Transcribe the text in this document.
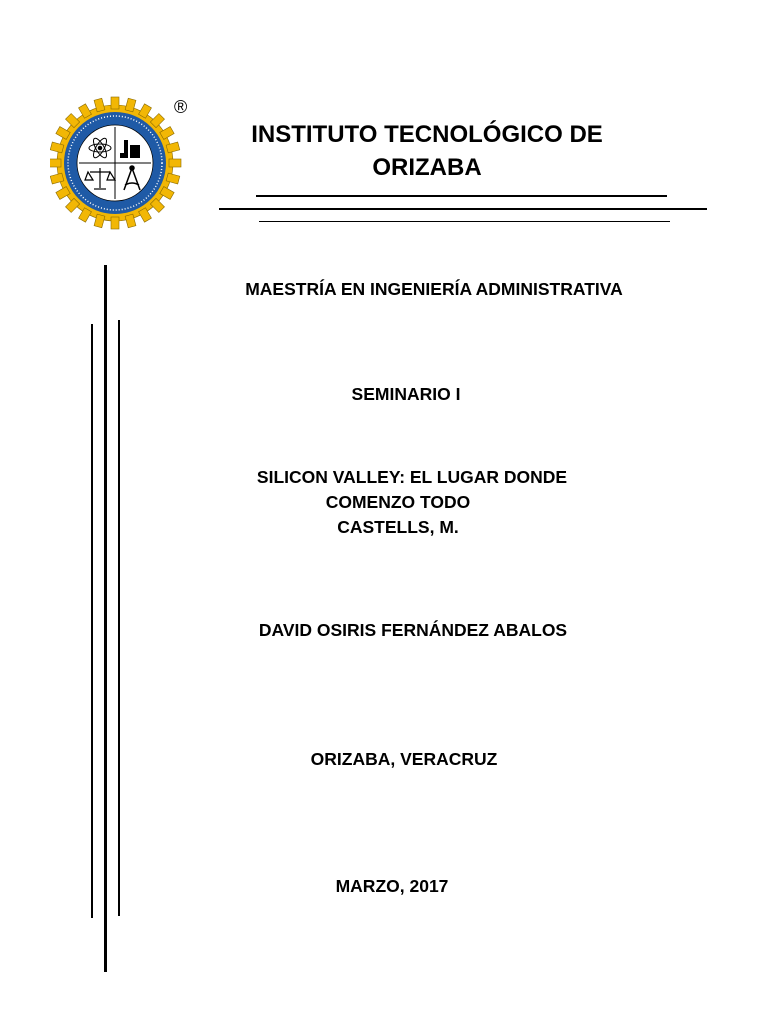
®
INSTITUTO TECNOLÓGICO DE
ORIZABA
MAESTRÍA EN INGENIERÍA ADMINISTRATIVA
SEMINARIO I
SILICON VALLEY: EL LUGAR DONDE
COMENZO TODO
CASTELLS, M.
DAVID OSIRIS FERNÁNDEZ ABALOS
ORIZABA, VERACRUZ
MARZO, 2017
